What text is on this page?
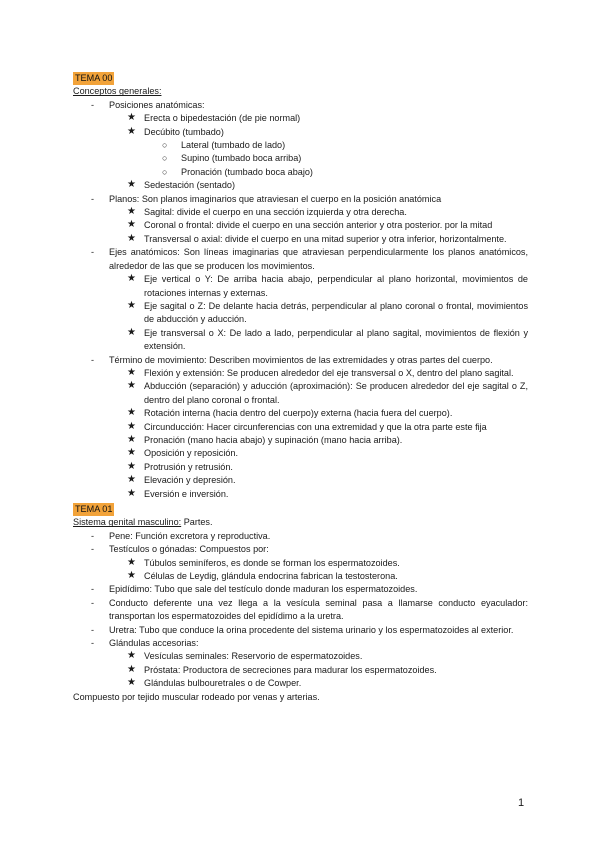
TEMA 00
Conceptos generales:
- Posiciones anatómicas:
★ Erecta o bipedestación (de pie normal)
★ Decúbito (tumbado)
○ Lateral (tumbado de lado)
○ Supino (tumbado boca arriba)
○ Pronación (tumbado boca abajo)
★ Sedestación (sentado)
- Planos: Son planos imaginarios que atraviesan el cuerpo en la posición anatómica
★ Sagital: divide el cuerpo en una sección izquierda y otra derecha.
★ Coronal o frontal: divide el cuerpo en una sección anterior y otra posterior. por la mitad
★ Transversal o axial: divide el cuerpo en una mitad superior y otra inferior, horizontalmente.
- Ejes anatómicos: Son líneas imaginarias que atraviesan perpendicularmente los planos anatómicos, alrededor de las que se producen los movimientos.
★ Eje vertical o Y: De arriba hacia abajo, perpendicular al plano horizontal, movimientos de rotaciones internas y externas.
★ Eje sagital o Z: De delante hacia detrás, perpendicular al plano coronal o frontal, movimientos de abducción y aducción.
★ Eje transversal o X: De lado a lado, perpendicular al plano sagital, movimientos de flexión y extensión.
- Término de movimiento: Describen movimientos de las extremidades y otras partes del cuerpo.
★ Flexión y extensión: Se producen alrededor del eje transversal o X, dentro del plano sagital.
★ Abducción (separación) y aducción (aproximación): Se producen alrededor del eje sagital o Z, dentro del plano coronal o frontal.
★ Rotación interna (hacia dentro del cuerpo)y externa (hacia fuera del cuerpo).
★ Circunducción: Hacer circunferencias con una extremidad y que la otra parte este fija
★ Pronación (mano hacia abajo) y supinación (mano hacia arriba).
★ Oposición y reposición.
★ Protrusión y retrusión.
★ Elevación y depresión.
★ Eversión e inversión.
TEMA 01
Sistema genital masculino: Partes.
- Pene: Función excretora y reproductiva.
- Testículos o gónadas: Compuestos por:
★ Túbulos seminíferos, es donde se forman los espermatozoides.
★ Células de Leydig, glándula endocrina fabrican la testosterona.
- Epidídimo: Tubo que sale del testículo donde maduran los espermatozoides.
- Conducto deferente una vez llega a la vesícula seminal pasa a llamarse conducto eyaculador: transportan los espermatozoides del epidídimo a la uretra.
- Uretra: Tubo que conduce la orina procedente del sistema urinario y los espermatozoides al exterior.
- Glándulas accesorias:
★ Vesículas seminales: Reservorio de espermatozoides.
★ Próstata: Productora de secreciones para madurar los espermatozoides.
★ Glándulas bulbouretrales o de Cowper.
Compuesto por tejido muscular rodeado por venas y arterias.
1
